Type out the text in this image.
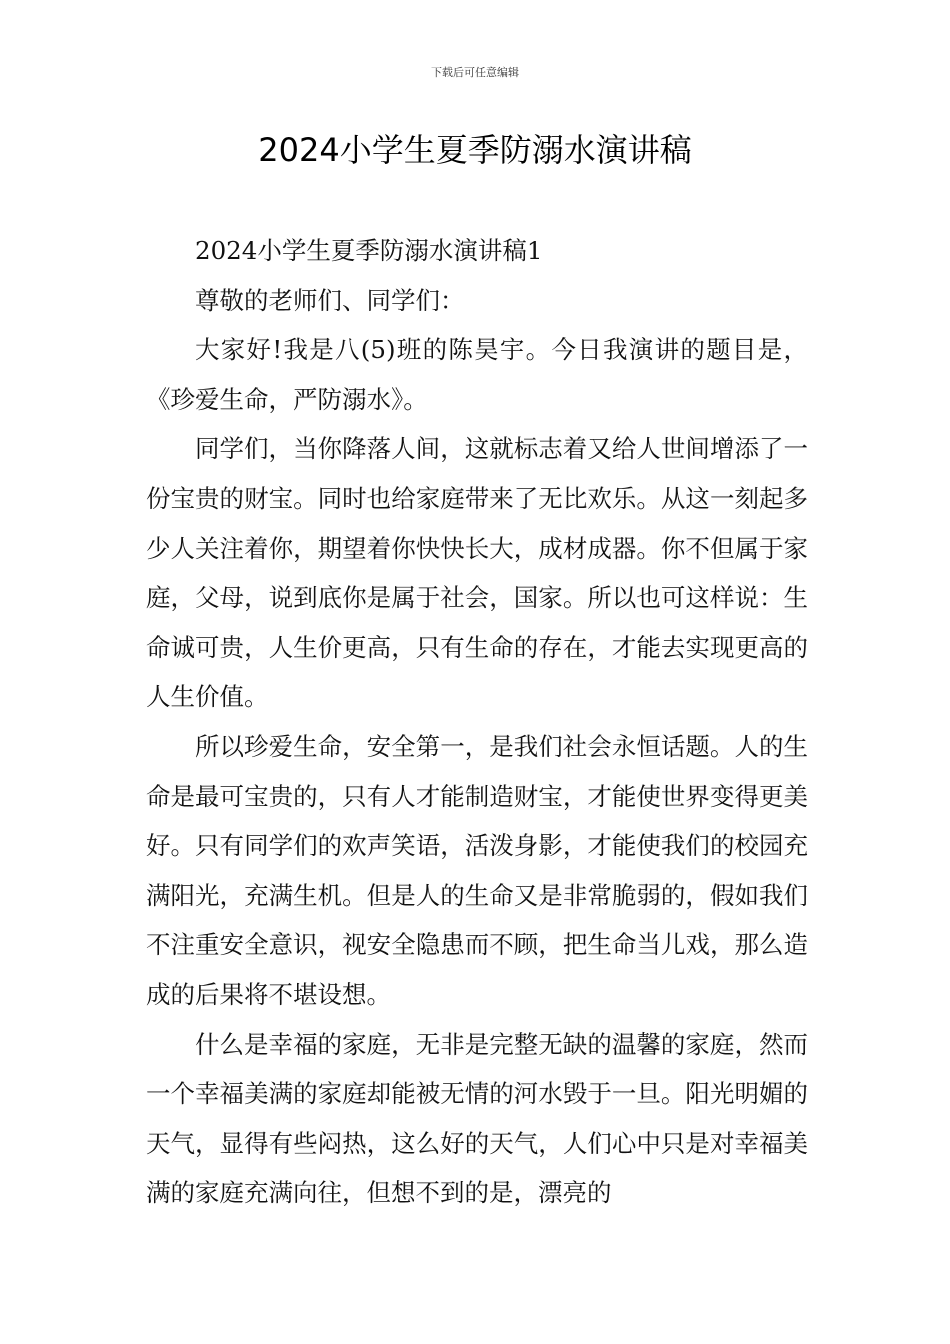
下载后可任意编辑
2024小学生夏季防溺水演讲稿

2024小学生夏季防溺水演讲稿1

尊敬的老师们、同学们：

大家好!我是八(5)班的陈昊宇。今日我演讲的题目是，《珍爱生命，严防溺水》。

同学们，当你降落人间，这就标志着又给人世间增添了一份宝贵的财宝。同时也给家庭带来了无比欢乐。从这一刻起多少人关注着你，期望着你快快长大，成材成器。你不但属于家庭，父母，说到底你是属于社会，国家。所以也可这样说：生命诚可贵，人生价更高，只有生命的存在，才能去实现更高的人生价值。

所以珍爱生命，安全第一，是我们社会永恒话题。人的生命是最可宝贵的，只有人才能制造财宝，才能使世界变得更美好。只有同学们的欢声笑语，活泼身影，才能使我们的校园充满阳光，充满生机。但是人的生命又是非常脆弱的，假如我们不注重安全意识，视安全隐患而不顾，把生命当儿戏，那么造成的后果将不堪设想。

什么是幸福的家庭，无非是完整无缺的温馨的家庭，然而一个幸福美满的家庭却能被无情的河水毁于一旦。阳光明媚的天气，显得有些闷热，这么好的天气，人们心中只是对幸福美满的家庭充满向往，但想不到的是，漂亮的
